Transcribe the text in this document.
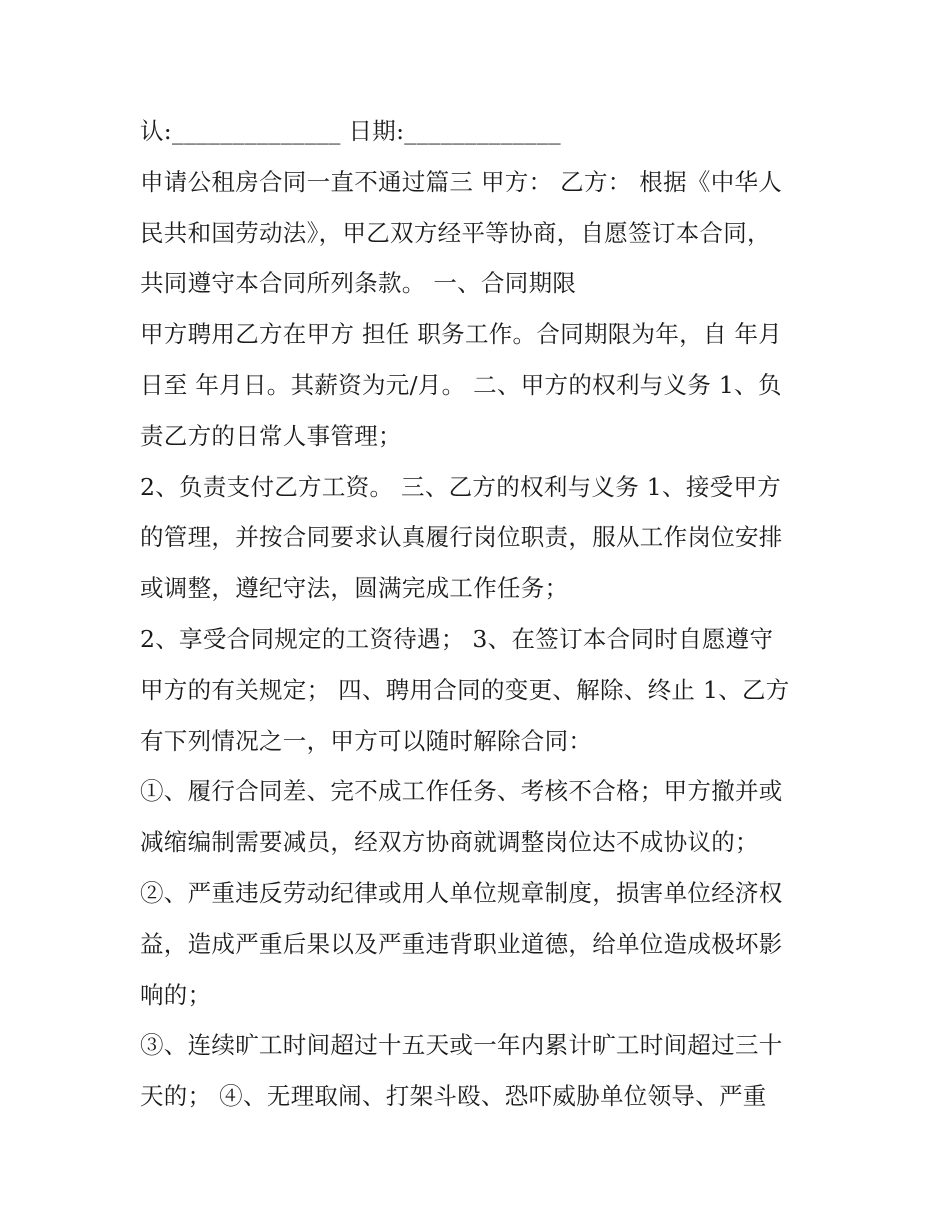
认:______________ 日期:_____________
申请公租房合同一直不通过篇三 甲方： 乙方： 根据《中华人
民共和国劳动法》，甲乙双方经平等协商，自愿签订本合同，
共同遵守本合同所列条款。 一、合同期限
甲方聘用乙方在甲方 担任 职务工作。合同期限为年，自 年月
日至 年月日。其薪资为元/月。 二、甲方的权利与义务 1、负
责乙方的日常人事管理；
2、负责支付乙方工资。 三、乙方的权利与义务 1、接受甲方
的管理，并按合同要求认真履行岗位职责，服从工作岗位安排
或调整，遵纪守法，圆满完成工作任务；
2、享受合同规定的工资待遇； 3、在签订本合同时自愿遵守
甲方的有关规定； 四、聘用合同的变更、解除、终止 1、乙方
有下列情况之一，甲方可以随时解除合同：
①、履行合同差、完不成工作任务、考核不合格；甲方撤并或
减缩编制需要减员，经双方协商就调整岗位达不成协议的；
②、严重违反劳动纪律或用人单位规章制度，损害单位经济权
益，造成严重后果以及严重违背职业道德，给单位造成极坏影
响的；
③、连续旷工时间超过十五天或一年内累计旷工时间超过三十
天的； ④、无理取闹、打架斗殴、恐吓威胁单位领导、严重
